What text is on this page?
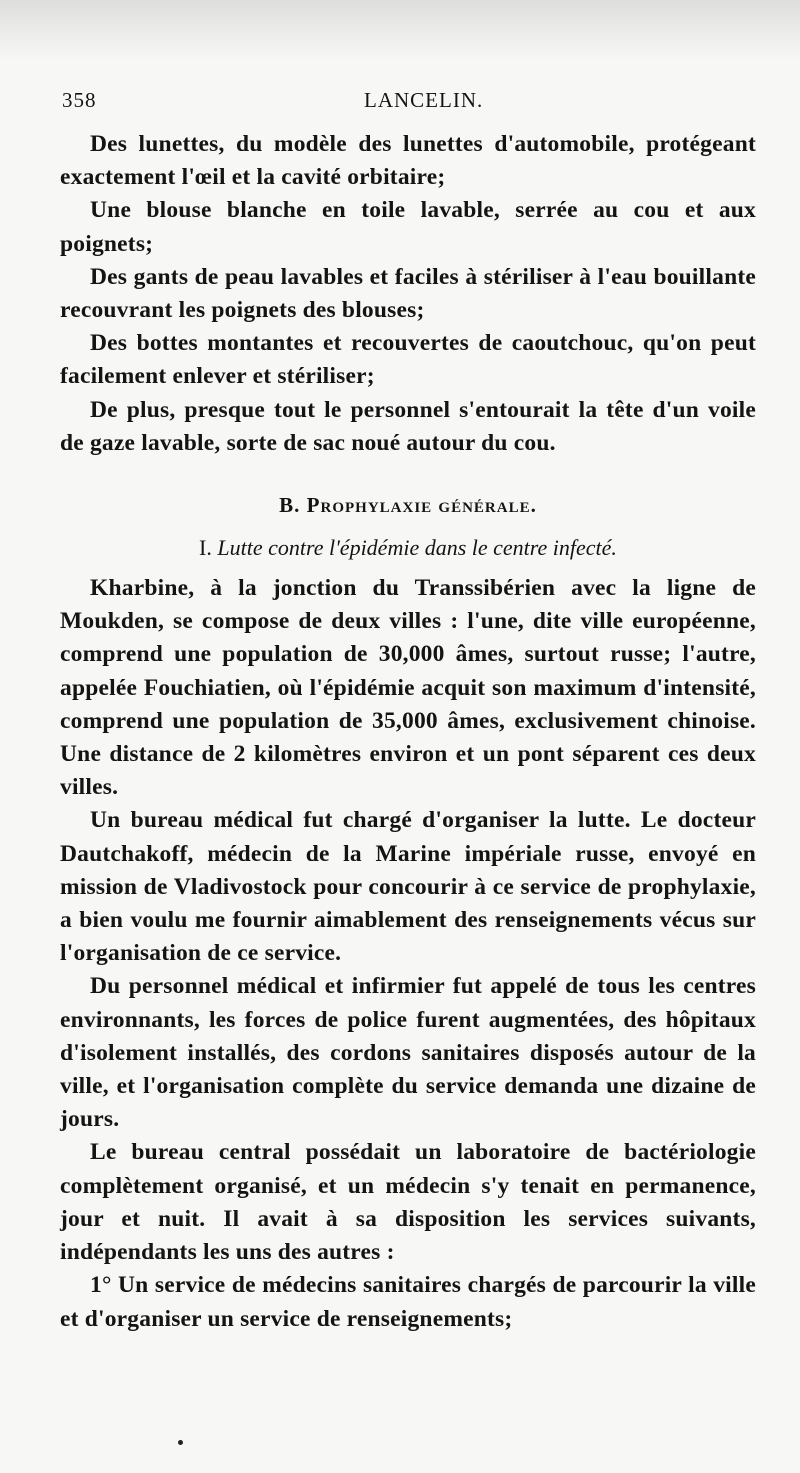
358	LANCELIN.

Des lunettes, du modèle des lunettes d'automobile, protégeant exactement l'œil et la cavité orbitaire;

Une blouse blanche en toile lavable, serrée au cou et aux poignets;

Des gants de peau lavables et faciles à stériliser à l'eau bouillante recouvrant les poignets des blouses;

Des bottes montantes et recouvertes de caoutchouc, qu'on peut facilement enlever et stériliser;

De plus, presque tout le personnel s'entourait la tête d'un voile de gaze lavable, sorte de sac noué autour du cou.

B. Prophylaxie générale.
I. Lutte contre l'épidémie dans le centre infecté.

Kharbine, à la jonction du Transsibérien avec la ligne de Moukden, se compose de deux villes : l'une, dite ville européenne, comprend une population de 30,000 âmes, surtout russe; l'autre, appelée Fouchiatien, où l'épidémie acquit son maximum d'intensité, comprend une population de 35,000 âmes, exclusivement chinoise. Une distance de 2 kilomètres environ et un pont séparent ces deux villes.

Un bureau médical fut chargé d'organiser la lutte. Le docteur Dautchakoff, médecin de la Marine impériale russe, envoyé en mission de Vladivostock pour concourir à ce service de prophylaxie, a bien voulu me fournir aimablement des renseignements vécus sur l'organisation de ce service.

Du personnel médical et infirmier fut appelé de tous les centres environnants, les forces de police furent augmentées, des hôpitaux d'isolement installés, des cordons sanitaires disposés autour de la ville, et l'organisation complète du service demanda une dizaine de jours.

Le bureau central possédait un laboratoire de bactériologie complètement organisé, et un médecin s'y tenait en permanence, jour et nuit. Il avait à sa disposition les services suivants, indépendants les uns des autres :

1° Un service de médecins sanitaires chargés de parcourir la ville et d'organiser un service de renseignements;
